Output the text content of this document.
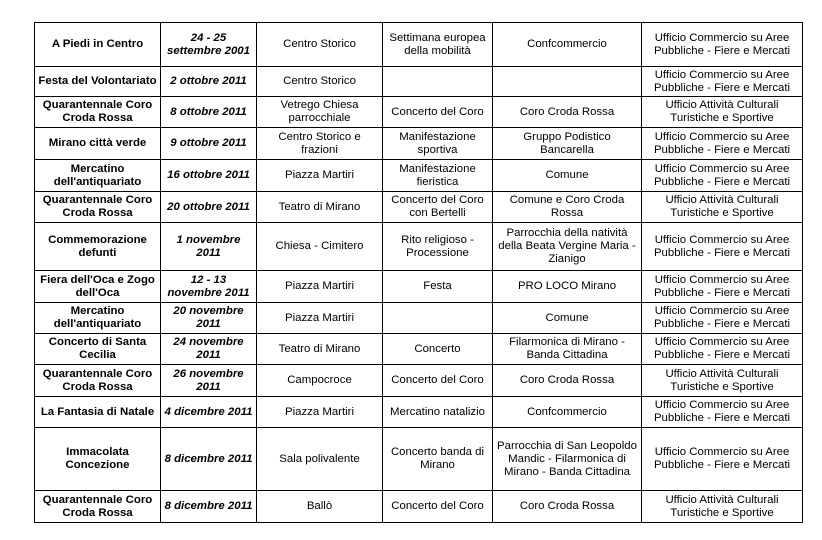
A Piedi in Centro	24 - 25 settembre 2001	Centro Storico	Settimana europea della mobilità	Confcommercio	Ufficio Commercio su Aree Pubbliche - Fiere e Mercati
Festa del Volontariato	2 ottobre 2011	Centro Storico			Ufficio Commercio su Aree Pubbliche - Fiere e Mercati
Quarantennale Coro Croda Rossa	8 ottobre 2011	Vetrego Chiesa parrocchiale	Concerto del Coro	Coro Croda Rossa	Ufficio Attività Culturali Turistiche e Sportive
Mirano città verde	9 ottobre 2011	Centro Storico e frazioni	Manifestazione sportiva	Gruppo Podistico Bancarella	Ufficio Commercio su Aree Pubbliche - Fiere e Mercati
Mercatino dell'antiquariato	16 ottobre 2011	Piazza Martiri	Manifestazione fieristica	Comune	Ufficio Commercio su Aree Pubbliche - Fiere e Mercati
Quarantennale Coro Croda Rossa	20 ottobre 2011	Teatro di Mirano	Concerto del Coro con Bertelli	Comune e Coro Croda Rossa	Ufficio Attività Culturali Turistiche e Sportive
Commemorazione defunti	1 novembre 2011	Chiesa - Cimitero	Rito religioso - Processione	Parrocchia della natività della Beata Vergine Maria - Zianigo	Ufficio Commercio su Aree Pubbliche - Fiere e Mercati
Fiera dell'Oca e Zogo dell'Oca	12 - 13 novembre 2011	Piazza Martiri	Festa	PRO LOCO Mirano	Ufficio Commercio su Aree Pubbliche - Fiere e Mercati
Mercatino dell'antiquariato	20 novembre 2011	Piazza Martiri		Comune	Ufficio Commercio su Aree Pubbliche - Fiere e Mercati
Concerto di Santa Cecilia	24 novembre 2011	Teatro di Mirano	Concerto	Filarmonica di Mirano - Banda Cittadina	Ufficio Commercio su Aree Pubbliche - Fiere e Mercati
Quarantennale Coro Croda Rossa	26 novembre 2011	Campocroce	Concerto del Coro	Coro Croda Rossa	Ufficio Attività Culturali Turistiche e Sportive
La Fantasia di Natale	4 dicembre 2011	Piazza Martiri	Mercatino natalizio	Confcommercio	Ufficio Commercio su Aree Pubbliche - Fiere e Mercati
Immacolata Concezione	8 dicembre 2011	Sala polivalente	Concerto banda di Mirano	Parrocchia di San Leopoldo Mandic - Filarmonica di Mirano - Banda Cittadina	Ufficio Commercio su Aree Pubbliche - Fiere e Mercati
Quarantennale Coro Croda Rossa	8 dicembre 2011	Ballò	Concerto del Coro	Coro Croda Rossa	Ufficio Attività Culturali Turistiche e Sportive
